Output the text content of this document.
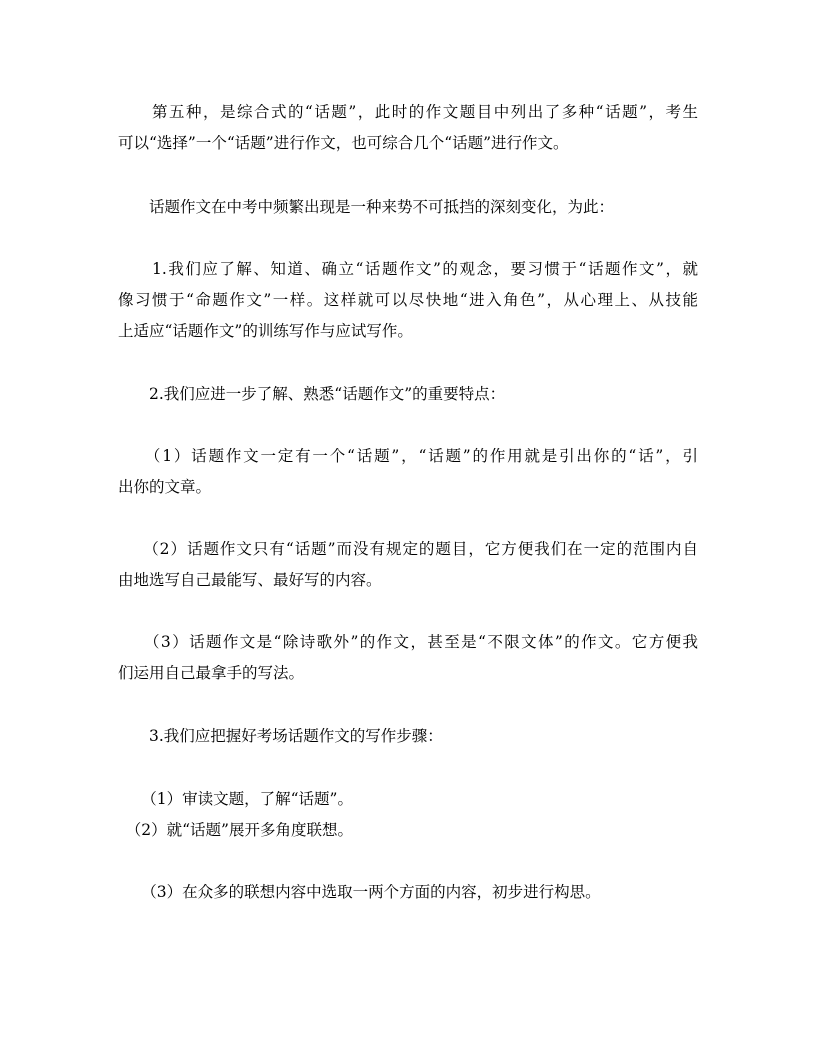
　　第五种，是综合式的“话题”，此时的作文题目中列出了多种“话题”，考生
可以“选择”一个“话题”进行作文，也可综合几个“话题”进行作文。
　　话题作文在中考中频繁出现是一种来势不可抵挡的深刻变化，为此：
　　1.我们应了解、知道、确立“话题作文”的观念，要习惯于“话题作文”，就
像习惯于“命题作文”一样。这样就可以尽快地“进入角色”，从心理上、从技能
上适应“话题作文”的训练写作与应试写作。
　　2.我们应进一步了解、熟悉“话题作文”的重要特点：
　　（1）话题作文一定有一个“话题”，“话题”的作用就是引出你的“话”，引
出你的文章。
　　（2）话题作文只有“话题”而没有规定的题目，它方便我们在一定的范围内自
由地选写自己最能写、最好写的内容。
　　（3）话题作文是“除诗歌外”的作文，甚至是“不限文体”的作文。它方便我
们运用自己最拿手的写法。
　　3.我们应把握好考场话题作文的写作步骤：
　　（1）审读文题，了解“话题”。
　（2）就“话题”展开多角度联想。
　　（3）在众多的联想内容中选取一两个方面的内容，初步进行构思。
